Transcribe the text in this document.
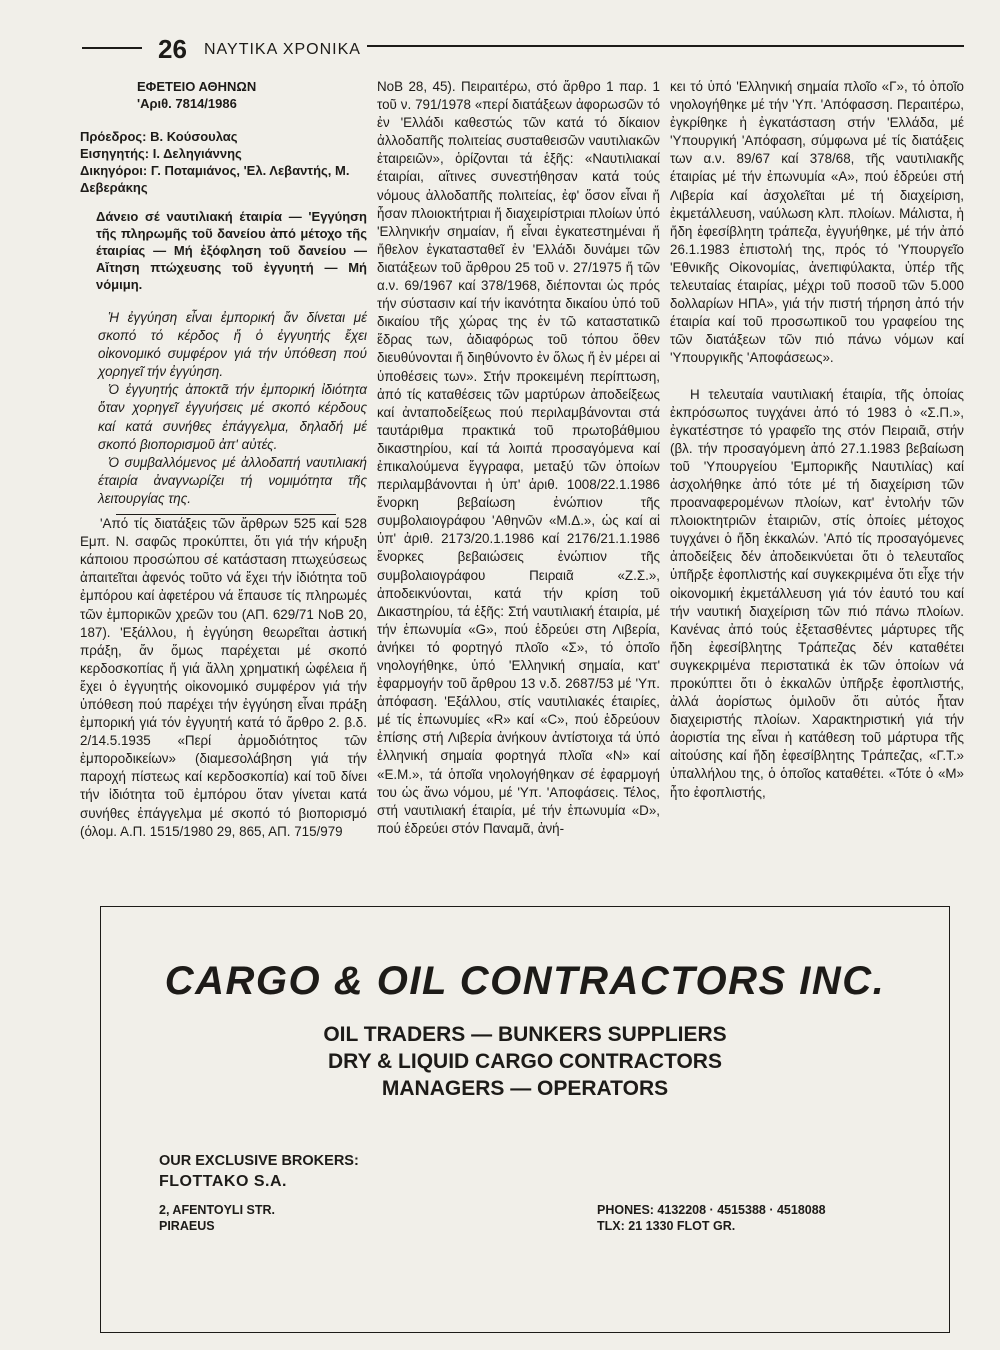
26 ΝΑΥΤΙΚΑ ΧΡΟΝΙΚΑ
ΕΦΕΤΕΙΟ ΑΘΗΝΩΝ
'Αριθ. 7814/1986
Πρόεδρος: Β. Κούσουλας
Εισηγητής: Ι. Δεληγιάννης
Δικηγόροι: Γ. Ποταμιάνος, 'Ελ. Λεβαντής, Μ. Δεβεράκης
Δάνειο σέ ναυτιλιακή έταιρία — 'Εγγύηση τῆς πληρωμῆς τοῦ δανείου ἀπό μέτοχο τῆς έταιρίας — Μή ἐξόφληση τοῦ δανείου — Αἴτηση πτώχευσης τοῦ ἐγγυητή — Μή νόμιμη.

Ἡ ἐγγύηση εἶναι ἐμπορική ἄν δίνεται μέ σκοπό τό κέρδος ἤ ὁ ἐγγυητής ἔχει οἰκονομικό συμφέρον γιά τήν ὑπόθεση πού χορηγεῖ τήν ἐγγύηση.

Ὁ ἐγγυητής ἀποκτᾶ τήν ἐμπορική ἰδιότητα ὅταν χορηγεῖ ἐγγυήσεις μέ σκοπό κέρδους καί κατά συνήθες ἐπάγγελμα, δηλαδή μέ σκοπό βιοπορισμοῦ ἀπ' αὐτές.

Ὁ συμβαλλόμενος μέ ἀλλοδαπή ναυτιλιακή έταιρία ἀναγνωρίζει τή νομιμότητα τῆς λειτουργίας της.

'Από τίς διατάξεις τῶν ἄρθρων 525 καί 528 Εμπ. Ν. σαφῶς προκύπτει, ὅτι γιά τήν κήρυξη κάποιου προσώπου σέ κατάσταση πτωχεύσεως ἀπαιτεῖται ἀφενός τοῦτο νά ἔχει τήν ἰδιότητα τοῦ ἐμπόρου καί ἀφετέρου νά ἔπαυσε τίς πληρωμές τῶν ἐμπορικῶν χρεῶν του (ΑΠ. 629/71 ΝοΒ 20, 187). 'Εξάλλου, ἡ ἐγγύηση θεωρεῖται ἀστική πράξη, ἄν ὅμως παρέχεται μέ σκοπό κερδοσκοπίας ἤ γιά ἄλλη χρηματική ὠφέλεια ἤ ἔχει ὁ ἐγγυητής οἰκονομικό συμφέρον γιά τήν ὑπόθεση πού παρέχει τήν ἐγγύηση εἶναι πράξη ἐμπορική γιά τόν ἐγγυητή κατά τό ἄρθρο 2. β.δ. 2/14.5.1935 «Περί ἀρμοδιότητος τῶν ἐμποροδικείων» (διαμεσολάβηση γιά τήν παροχή πίστεως καί κερδοσκοπία) καί τοῦ δίνει τήν ἰδιότητα τοῦ ἐμπόρου ὅταν γίνεται κατά συνήθες ἐπάγγελμα μέ σκοπό τό βιοπορισμό (όλομ. Α.Π. 1515/1980 29, 865, ΑΠ. 715/979

ΝοΒ 28, 45). Πειραιτέρω, στό ἄρθρο 1 παρ. 1 τοῦ ν. 791/1978 «περί διατάξεων ἀφορωσῶν τό ἐν 'Ελλάδι καθεστώς τῶν κατά τό δίκαιον ἀλλοδαπῆς πολιτείας συσταθεισῶν ναυτιλιακῶν ἐταιρειῶν», ὁρίζονται τά ἑξῆς: «Ναυτιλιακαί έταιρίαι, αἵτινες συνεστήθησαν κατά τούς νόμους ἀλλοδαπῆς πολιτείας, ἐφ' ὅσον εἶναι ἤ ἦσαν πλοιοκτήτριαι ἤ διαχειρίστριαι πλοίων ὑπό 'Ελληνικήν σημαίαν, ἤ εἶναι ἐγκατεστημέναι ἤ ἤθελον ἐγκατασταθεῖ ἐν 'Ελλάδι δυνάμει τῶν διατάξεων τοῦ ἄρθρου 25 τοῦ ν. 27/1975 ἤ τῶν α.ν. 69/1967 καί 378/1968, διέπονται ὡς πρός τήν σύστασιν καί τήν ἱκανότητα δικαίου ὑπό τοῦ δικαίου τῆς χώρας της ἐν τῶ καταστατικῶ ἕδρας των, ἀδιαφόρως τοῦ τόπου ὅθεν διευθύνονται ἤ διηθύνοντο ἐν ὅλως ἤ ἐν μέρει αἱ ὑποθέσεις των». Στήν προκειμένη περίπτωση, ἀπό τίς καταθέσεις τῶν μαρτύρων ἀποδείξεως καί ἀνταποδείξεως πού περιλαμβάνονται στά ταυτάριθμα πρακτικά τοῦ πρωτοβάθμιου δικαστηρίου, καί τά λοιπά προσαγόμενα καί ἐπικαλούμενα ἔγγραφα, μεταξύ τῶν ὁποίων περιλαμβάνονται ἡ ὑπ' ἀριθ. 1008/22.1.1986 ἔνορκη βεβαίωση ἐνώπιον τῆς συμβολαιογράφου 'Αθηνῶν «Μ.Δ.», ὡς καί αἱ ὑπ' ἀριθ. 2173/20.1.1986 καί 2176/21.1.1986 ἔνορκες βεβαιώσεις ἐνώπιον τῆς συμβολαιογράφου Πειραιᾶ «Ζ.Σ.», ἀποδεικνύονται, κατά τήν κρίση τοῦ Δικαστηρίου, τά ἑξῆς: Στή ναυτιλιακή έταιρία, μέ τήν ἐπωνυμία «G», πού ἑδρεύει στη Λιβερία, ἀνήκει τό φορτηγό πλοῖο «Σ», τό ὁποῖο νηολογήθηκε, ὑπό 'Ελληνική σημαία, κατ' ἐφαρμογήν τοῦ ἄρθρου 13 ν.δ. 2687/53 μέ 'Υπ. ἀπόφαση. 'Εξάλλου, στίς ναυτιλιακές έταιρίες, μέ τίς ἐπωνυμίες «R» καί «C», πού ἑδρεύουν ἐπίσης στή Λιβερία ἀνήκουν ἀντίστοιχα τά ὑπό ἑλληνική σημαία φορτηγά πλοῖα «Ν» καί «Ε.Μ.», τά ὁποῖα νηολογήθηκαν σέ ἐφαρμογή του ὡς ἄνω νόμου, μέ 'Υπ. 'Αποφάσεις. Τέλος, στή ναυτιλιακή έταιρία, μέ τήν ἐπωνυμία «D», πού ἑδρεύει στόν Παναμᾶ, ἀνή-

κει τό ὑπό 'Ελληνική σημαία πλοῖο «Γ», τό ὁποῖο νηολογήθηκε μέ τήν 'Υπ. 'Απόφασση. Περαιτέρω, ἐγκρίθηκε ἡ ἐγκατάσταση στήν 'Ελλάδα, μέ 'Υπουργική 'Απόφαση, σύμφωνα μέ τίς διατάξεις των α.ν. 89/67 καί 378/68, τῆς ναυτιλιακῆς έταιρίας μέ τήν ἐπωνυμία «Α», πού ἑδρεύει στή Λιβερία καί ἀσχολεῖται μέ τή διαχείριση, ἐκμετάλλευση, ναύλωση κλπ. πλοίων. Μάλιστα, ἡ ἤδη ἐφεσίβλητη τράπεζα, ἐγγυήθηκε, μέ τήν ἀπό 26.1.1983 ἐπιστολή της, πρός τό 'Υπουργεῖο 'Εθνικῆς Οἰκονομίας, ἀνεπιφύλακτα, ὑπέρ τῆς τελευταίας έταιρίας, μέχρι τοῦ ποσοῦ τῶν 5.000 δολλαρίων ΗΠΑ», γιά τήν πιστή τήρηση ἀπό τήν έταιρία καί τοῦ προσωπικοῦ του γραφείου της τῶν διατάξεων τῶν πιό πάνω νόμων καί 'Υπουργικῆς 'Αποφάσεως».

Η τελευταία ναυτιλιακή έταιρία, τῆς ὁποίας ἐκπρόσωπος τυγχάνει ἀπό τό 1983 ὁ «Σ.Π.», ἐγκατέστησε τό γραφεῖο της στόν Πειραιᾶ, στήν (βλ. τήν προσαγόμενη ἀπό 27.1.1983 βεβαίωση τοῦ 'Υπουργείου 'Εμπορικῆς Ναυτιλίας) καί ἀσχολήθηκε ἀπό τότε μέ τή διαχείριση τῶν προαναφερομένων πλοίων, κατ' ἐντολήν τῶν πλοιοκτητριῶν ἐταιριῶν, στίς ὁποίες μέτοχος τυγχάνει ὁ ἤδη ἐκκαλών. 'Από τίς προσαγόμενες ἀποδείξεις δέν ἀποδεικνύεται ὅτι ὁ τελευταῖος ὑπῆρξε ἐφοπλιστής καί συγκεκριμένα ὅτι εἶχε τήν οἰκονομική ἐκμετάλλευση γιά τόν ἑαυτό του καί τήν ναυτική διαχείριση τῶν πιό πάνω πλοίων. Κανένας ἀπό τούς ἐξετασθέντες μάρτυρες τῆς ἤδη ἐφεσίβλητης Τράπεζας δέν καταθέτει συγκεκριμένα περιστατικά ἐκ τῶν ὁποίων νά προκύπτει ὅτι ὁ ἐκκαλῶν ὑπῆρξε ἐφοπλιστής, ἀλλά ἀορίστως ὁμιλοῦν ὅτι αὐτός ἦταν διαχειριστής πλοίων. Χαρακτηριστική γιά τήν ἀοριστία της εἶναι ἡ κατάθεση τοῦ μάρτυρα τῆς αἰτούσης καί ἤδη ἐφεσίβλητης Τράπεζας, «Γ.Τ.» ὑπαλλήλου της, ὁ ὁποῖος καταθέτει. «Τότε ὁ «Μ» ἦτο ἐφοπλιστής,

CARGO & OIL CONTRACTORS INC.
OIL TRADERS — BUNKERS SUPPLIERS
DRY & LIQUID CARGO CONTRACTORS
MANAGERS — OPERATORS
OUR EXCLUSIVE BROKERS:
FLOTTAKO S.A.
2, AFENTOYLI STR.
PIRAEUS
PHONES: 4132208 · 4515388 · 4518088
TLX: 21 1330 FLOT GR.
